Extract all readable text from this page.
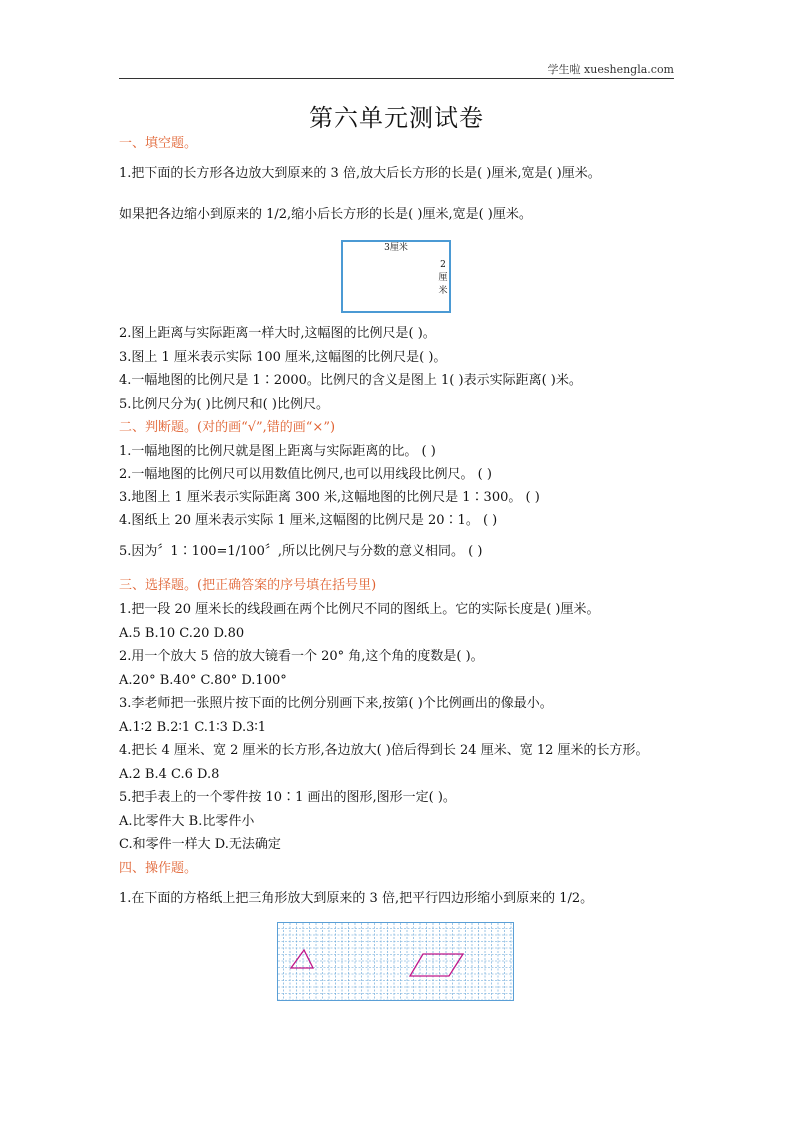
学生啦 xueshengla.com
第六单元测试卷
一、填空题。
1.把下面的长方形各边放大到原来的 3 倍,放大后长方形的长是( )厘米,宽是( )厘米。
如果把各边缩小到原来的 1/2,缩小后长方形的长是( )厘米,宽是( )厘米。
3厘米
2
厘
米
2.图上距离与实际距离一样大时,这幅图的比例尺是( )。
3.图上 1 厘米表示实际 100 厘米,这幅图的比例尺是( )。
4.一幅地图的比例尺是 1∶2000。比例尺的含义是图上 1( )表示实际距离( )米。
5.比例尺分为( )比例尺和( )比例尺。
二、判断题。(对的画“√”,错的画“×”)
1.一幅地图的比例尺就是图上距离与实际距离的比。 ( )
2.一幅地图的比例尺可以用数值比例尺,也可以用线段比例尺。 ( )
3.地图上 1 厘米表示实际距离 300 米,这幅地图的比例尺是 1∶300。 ( )
4.图纸上 20 厘米表示实际 1 厘米,这幅图的比例尺是 20∶1。 ( )
5.因为〞1∶100=1/100〞,所以比例尺与分数的意义相同。 ( )
三、选择题。(把正确答案的序号填在括号里)
1.把一段 20 厘米长的线段画在两个比例尺不同的图纸上。它的实际长度是( )厘米。
A.5 B.10 C.20 D.80
2.用一个放大 5 倍的放大镜看一个 20° 角,这个角的度数是( )。
A.20° B.40° C.80° D.100°
3.李老师把一张照片按下面的比例分别画下来,按第( )个比例画出的像最小。
A.1∶2 B.2∶1 C.1∶3 D.3∶1
4.把长 4 厘米、宽 2 厘米的长方形,各边放大( )倍后得到长 24 厘米、宽 12 厘米的长方形。
A.2 B.4 C.6 D.8
5.把手表上的一个零件按 10∶1 画出的图形,图形一定( )。
A.比零件大 B.比零件小
C.和零件一样大 D.无法确定
四、操作题。
1.在下面的方格纸上把三角形放大到原来的 3 倍,把平行四边形缩小到原来的 1/2。
